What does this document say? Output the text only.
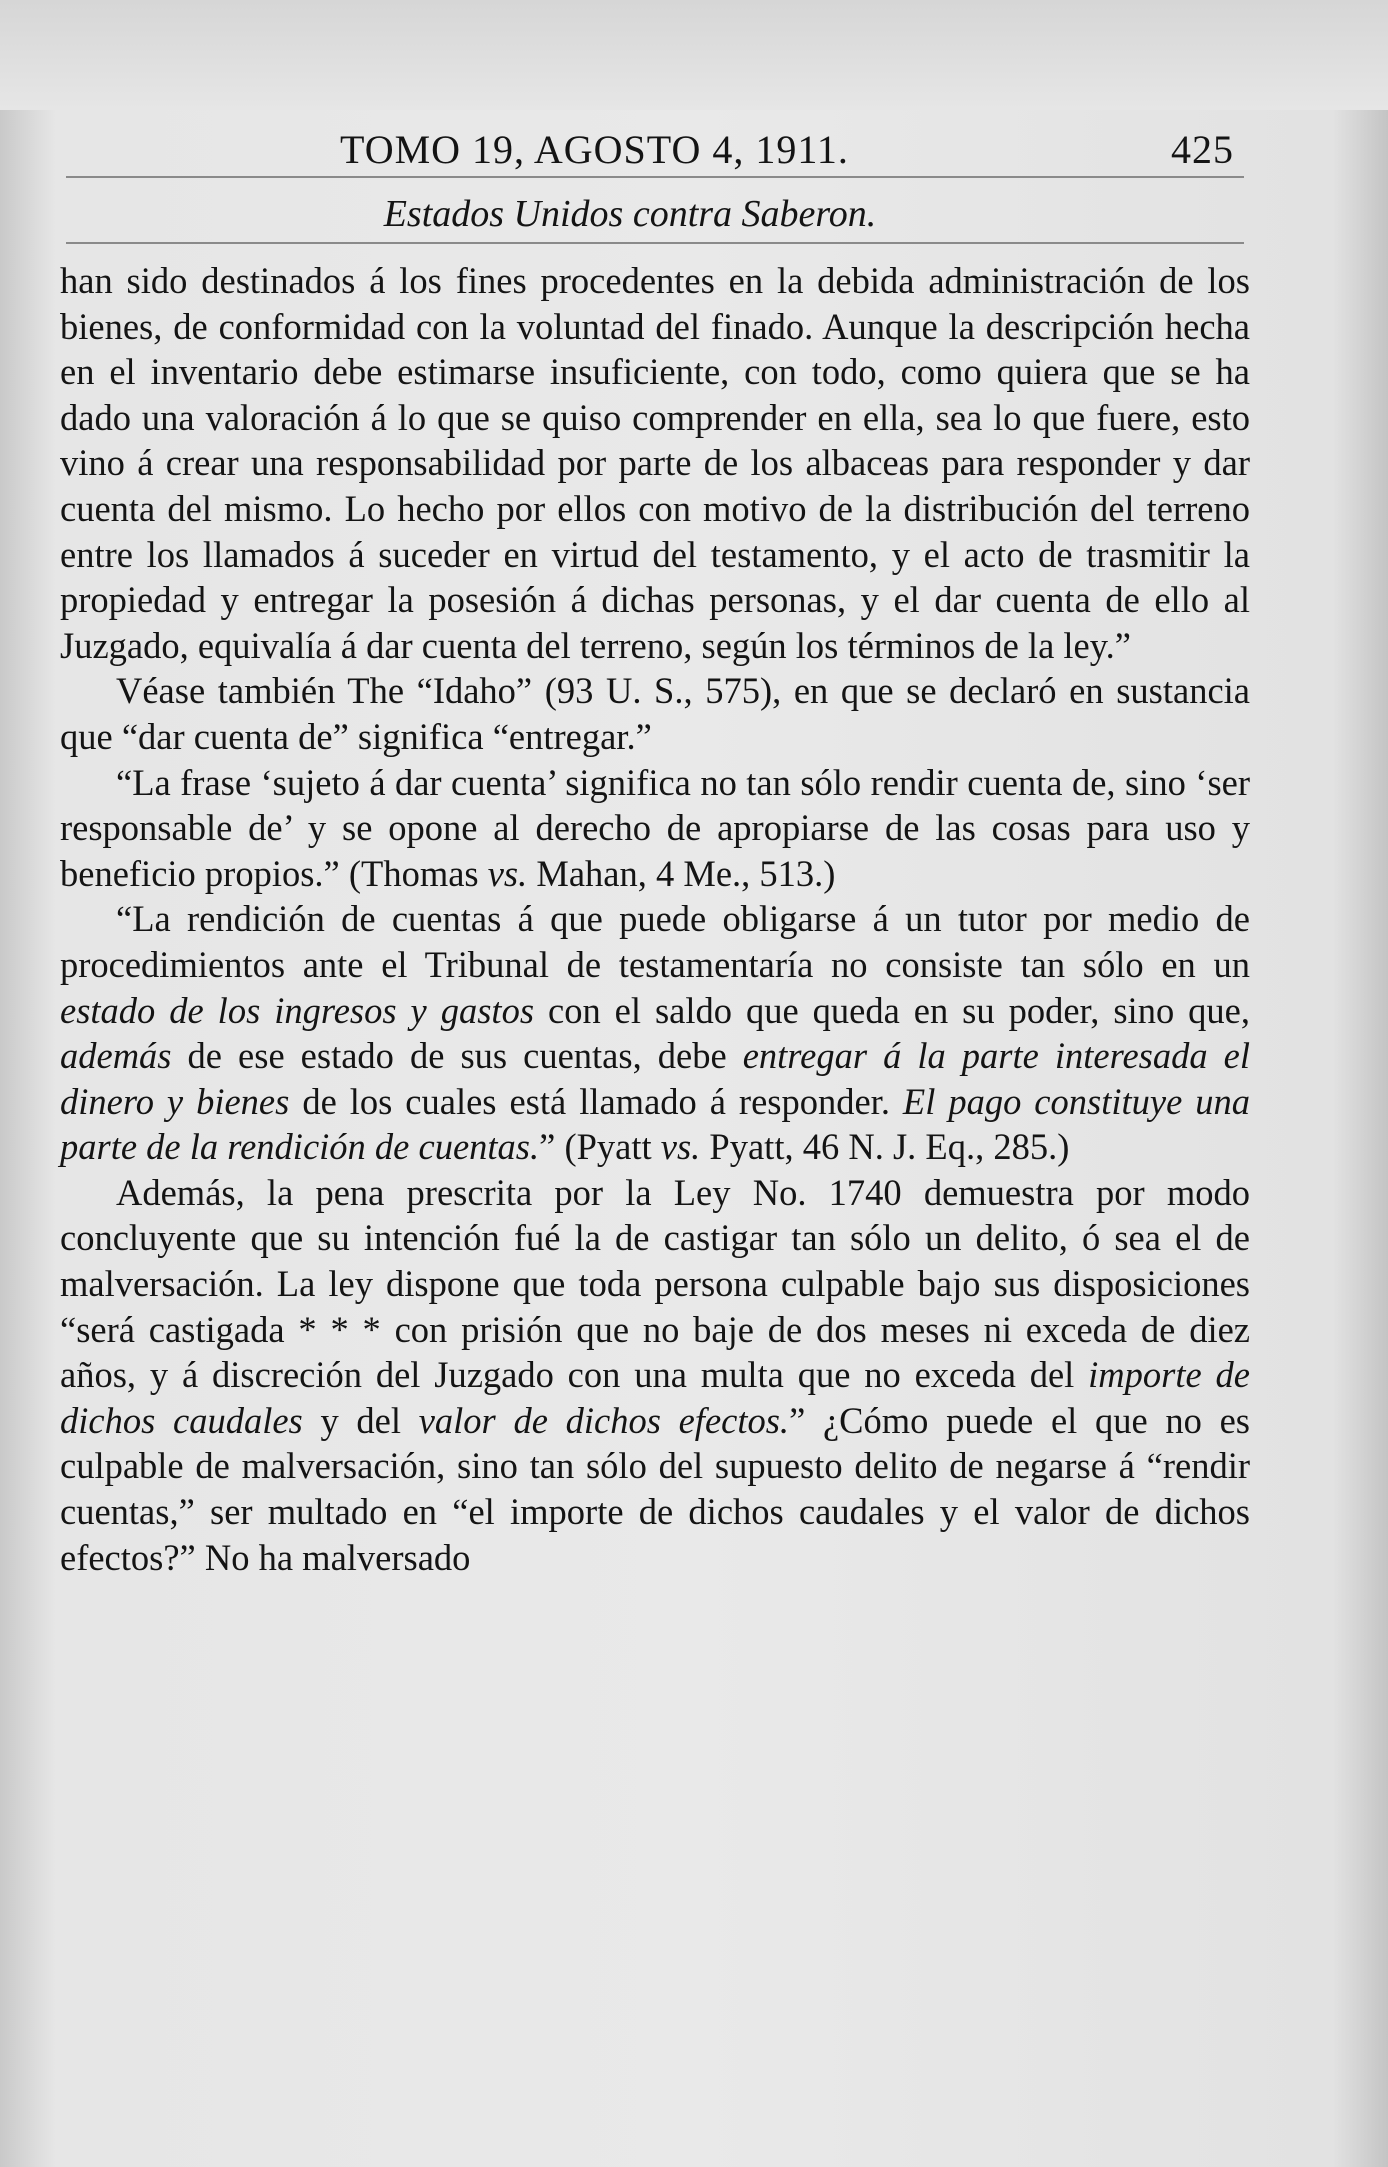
TOMO 19, AGOSTO 4, 1911.	425
Estados Unidos contra Saberon.

han sido destinados á los fines procedentes en la debida administración de los bienes, de conformidad con la voluntad del finado. Aunque la descripción hecha en el inventario debe estimarse insuficiente, con todo, como quiera que se ha dado una valoración á lo que se quiso comprender en ella, sea lo que fuere, esto vino á crear una responsabilidad por parte de los albaceas para responder y dar cuenta del mismo. Lo hecho por ellos con motivo de la distribución del terreno entre los llamados á suceder en virtud del testamento, y el acto de trasmitir la propiedad y entregar la posesión á dichas personas, y el dar cuenta de ello al Juzgado, equivalía á dar cuenta del terreno, según los términos de la ley.”

Véase también The “Idaho” (93 U. S., 575), en que se declaró en sustancia que “dar cuenta de” significa “entregar.”

“La frase ‘sujeto á dar cuenta’ significa no tan sólo rendir cuenta de, sino ‘ser responsable de’ y se opone al derecho de apropiarse de las cosas para uso y beneficio propios.” (Thomas vs. Mahan, 4 Me., 513.)

“La rendición de cuentas á que puede obligarse á un tutor por medio de procedimientos ante el Tribunal de testamentaría no consiste tan sólo en un estado de los ingresos y gastos con el saldo que queda en su poder, sino que, además de ese estado de sus cuentas, debe entregar á la parte interesada el dinero y bienes de los cuales está llamado á responder. El pago constituye una parte de la rendición de cuentas.” (Pyatt vs. Pyatt, 46 N. J. Eq., 285.)

Además, la pena prescrita por la Ley No. 1740 demuestra por modo concluyente que su intención fué la de castigar tan sólo un delito, ó sea el de malversación. La ley dispone que toda persona culpable bajo sus disposiciones “será castigada * * * con prisión que no baje de dos meses ni exceda de diez años, y á discreción del Juzgado con una multa que no exceda del importe de dichos caudales y del valor de dichos efectos.” ¿Cómo puede el que no es culpable de malversación, sino tan sólo del supuesto delito de negarse á “rendir cuentas,” ser multado en “el importe de dichos caudales y el valor de dichos efectos?” No ha malversado
